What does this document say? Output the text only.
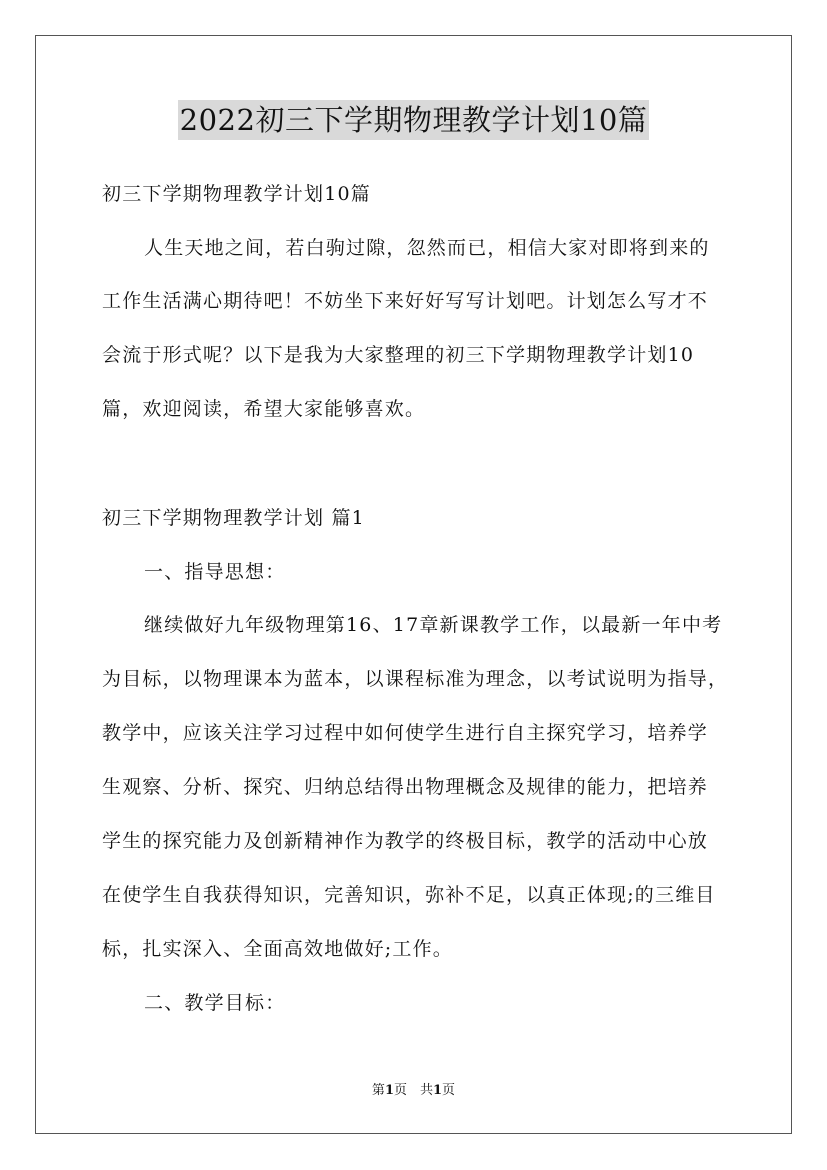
2022初三下学期物理教学计划10篇
初三下学期物理教学计划10篇
人生天地之间，若白驹过隙，忽然而已，相信大家对即将到来的
工作生活满心期待吧！不妨坐下来好好写写计划吧。计划怎么写才不
会流于形式呢？以下是我为大家整理的初三下学期物理教学计划10
篇，欢迎阅读，希望大家能够喜欢。
初三下学期物理教学计划 篇1
一、指导思想：
继续做好九年级物理第16、17章新课教学工作，以最新一年中考
为目标，以物理课本为蓝本，以课程标准为理念，以考试说明为指导，
教学中，应该关注学习过程中如何使学生进行自主探究学习，培养学
生观察、分析、探究、归纳总结得出物理概念及规律的能力，把培养
学生的探究能力及创新精神作为教学的终极目标，教学的活动中心放
在使学生自我获得知识，完善知识，弥补不足，以真正体现;的三维目
标，扎实深入、全面高效地做好;工作。
二、教学目标：
第1页　共1页
